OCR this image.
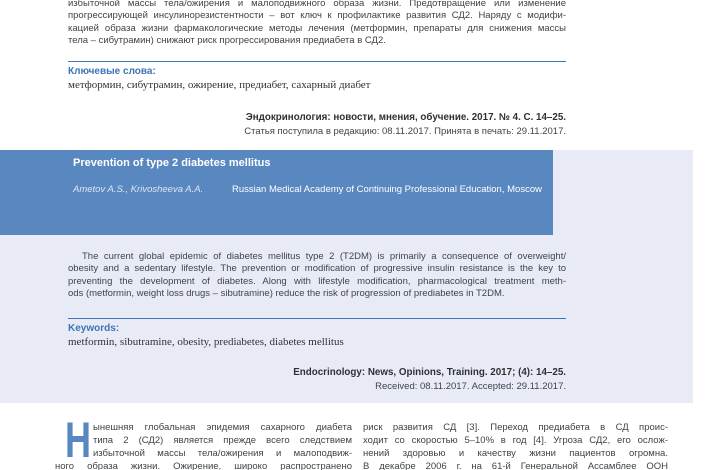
избыточной массы тела/ожирения и малоподвижного образа жизни. Предотвращение или изменение
прогрессирующей инсулинорезистентности – вот ключ к профилактике развития СД2. Наряду с модифи-
кацией образа жизни фармакологические методы лечения (метформин, препараты для снижения массы
тела – сибутрамин) снижают риск прогрессирования предиабета в СД2.
Ключевые слова:
метформин, сибутрамин, ожирение, предиабет, сахарный диабет
Эндокринология: новости, мнения, обучение. 2017. № 4. С. 14–25.
Статья поступила в редакцию: 08.11.2017. Принята в печать: 29.11.2017.
Prevention of type 2 diabetes mellitus
Ametov A.S., Krivosheeva A.A.	Russian Medical Academy of Continuing Professional Education, Moscow
The current global epidemic of diabetes mellitus type 2 (T2DM) is primarily a consequence of overweight/
obesity and a sedentary lifestyle. The prevention or modification of progressive insulin resistance is the key to
preventing the development of diabetes. Along with lifestyle modification, pharmacological treatment meth-
ods (metformin, weight loss drugs – sibutramine) reduce the risk of progression of prediabetes in T2DM.
Keywords:
metformin, sibutramine, obesity, prediabetes, diabetes mellitus
Endocrinology: News, Opinions, Training. 2017; (4): 14–25.
Received: 08.11.2017. Accepted: 29.11.2017.
Н ынешняя глобальная эпидемия сахарного диабета
типа 2 (СД2) является прежде всего следствием
избыточной массы тела/ожирения и малоподвиж-
ного образа жизни. Ожирение, широко распространено
риск развития СД [3]. Переход предиабета в СД проис-
ходит со скоростью 5–10% в год [4]. Угроза СД2, его ослож-
нений здоровью и качеству жизни пациентов огромна.
В декабре 2006 г. на 61-й Генеральной Ассамблее ООН
